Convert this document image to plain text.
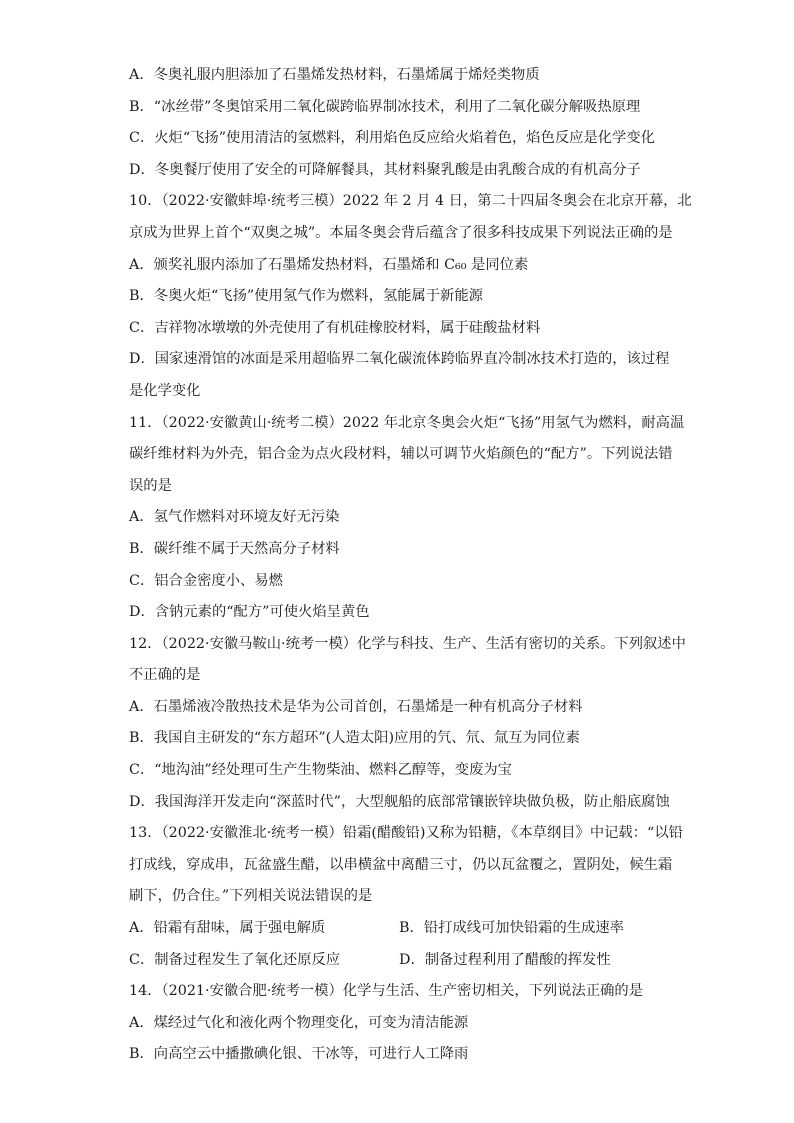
A．冬奥礼服内胆添加了石墨烯发热材料，石墨烯属于烯烃类物质
B．“冰丝带”冬奥馆采用二氧化碳跨临界制冰技术，利用了二氧化碳分解吸热原理
C．火炬“飞扬”使用清洁的氢燃料，利用焰色反应给火焰着色，焰色反应是化学变化
D．冬奥餐厅使用了安全的可降解餐具，其材料聚乳酸是由乳酸合成的有机高分子
10．（2022·安徽蚌埠·统考三模）2022 年 2 月 4 日，第二十四届冬奥会在北京开幕，北
京成为世界上首个“双奥之城”。本届冬奥会背后蕴含了很多科技成果下列说法正确的是
A．颁奖礼服内添加了石墨烯发热材料，石墨烯和 C₆₀ 是同位素
B．冬奥火炬“飞扬”使用氢气作为燃料，氢能属于新能源
C．吉祥物冰墩墩的外壳使用了有机硅橡胶材料，属于硅酸盐材料
D．国家速滑馆的冰面是采用超临界二氧化碳流体跨临界直冷制冰技术打造的，该过程
是化学变化
11．（2022·安徽黄山·统考二模）2022 年北京冬奥会火炬“飞扬”用氢气为燃料，耐高温
碳纤维材料为外壳，铝合金为点火段材料，辅以可调节火焰颜色的“配方”。下列说法错
误的是
A．氢气作燃料对环境友好无污染
B．碳纤维不属于天然高分子材料
C．铝合金密度小、易燃
D．含钠元素的“配方”可使火焰呈黄色
12．（2022·安徽马鞍山·统考一模）化学与科技、生产、生活有密切的关系。下列叙述中
不正确的是
A．石墨烯液冷散热技术是华为公司首创，石墨烯是一种有机高分子材料
B．我国自主研发的“东方超环”(人造太阳)应用的氕、氘、氚互为同位素
C．“地沟油”经处理可生产生物柴油、燃料乙醇等，变废为宝
D．我国海洋开发走向“深蓝时代”，大型舰船的底部常镶嵌锌块做负极，防止船底腐蚀
13．（2022·安徽淮北·统考一模）铅霜(醋酸铅)又称为铅糖，《本草纲目》中记载：“以铅
打成线，穿成串，瓦盆盛生醋，以串横盆中离醋三寸，仍以瓦盆覆之，置阴处，候生霜
刷下，仍合住。”下列相关说法错误的是
A．铅霜有甜味，属于强电解质	B．铅打成线可加快铅霜的生成速率
C．制备过程发生了氧化还原反应	D．制备过程利用了醋酸的挥发性
14．（2021·安徽合肥·统考一模）化学与生活、生产密切相关，下列说法正确的是
A．煤经过气化和液化两个物理变化，可变为清洁能源
B．向高空云中播撒碘化银、干冰等，可进行人工降雨
